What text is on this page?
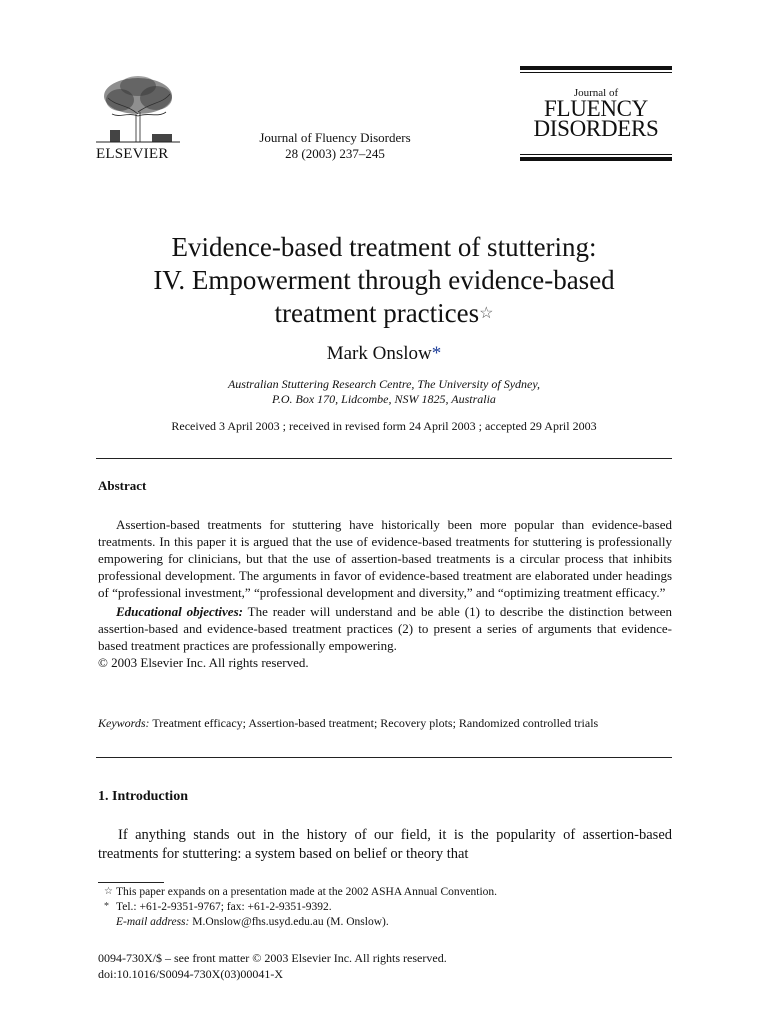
ELSEVIER
Journal of Fluency Disorders
28 (2003) 237–245
Journal of
FLUENCY
DISORDERS
Evidence-based treatment of stuttering:
IV. Empowerment through evidence-based
treatment practices☆
Mark Onslow*
Australian Stuttering Research Centre, The University of Sydney,
P.O. Box 170, Lidcombe, NSW 1825, Australia
Received 3 April 2003 ; received in revised form 24 April 2003 ; accepted 29 April 2003
Abstract

Assertion-based treatments for stuttering have historically been more popular than evidence-based treatments. In this paper it is argued that the use of evidence-based treatments for stuttering is professionally empowering for clinicians, but that the use of assertion-based treatments is a circular process that inhibits professional development. The arguments in favor of evidence-based treatment are elaborated under headings of “professional investment,” “professional development and diversity,” and “optimizing treatment efficacy.”

Educational objectives: The reader will understand and be able (1) to describe the distinction between assertion-based and evidence-based treatment practices (2) to present a series of arguments that evidence-based treatment practices are professionally empowering.

© 2003 Elsevier Inc. All rights reserved.

Keywords: Treatment efficacy; Assertion-based treatment; Recovery plots; Randomized controlled trials
1. Introduction
If anything stands out in the history of our field, it is the popularity of assertion-based treatments for stuttering: a system based on belief or theory that
☆ This paper expands on a presentation made at the 2002 ASHA Annual Convention.
* Tel.: +61-2-9351-9767; fax: +61-2-9351-9392.
E-mail address: M.Onslow@fhs.usyd.edu.au (M. Onslow).
0094-730X/$ – see front matter © 2003 Elsevier Inc. All rights reserved.
doi:10.1016/S0094-730X(03)00041-X
